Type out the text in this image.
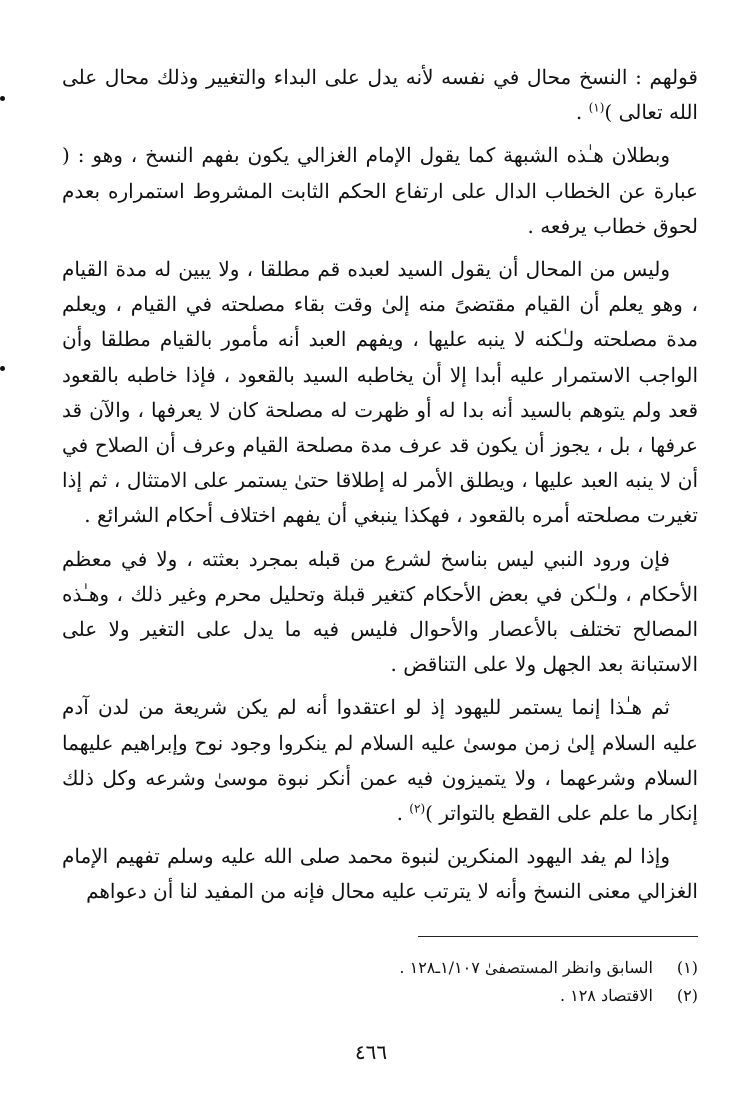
قولهم : النسخ محال في نفسه لأنه يدل على البداء والتغيير وذلك محال على الله تعالى )$^{(١)}$ .

وبطلان هـٰذه الشبهة كما يقول الإمام الغزالي يكون بفهم النسخ ، وهو : ( عبارة عن الخطاب الدال على ارتفاع الحكم الثابت المشروط استمراره بعدم لحوق خطاب يرفعه .

وليس من المحال أن يقول السيد لعبده قم مطلقا ، ولا يبين له مدة القيام ، وهو يعلم أن القيام مقتضىً منه إلىٰ وقت بقاء مصلحته في القيام ، ويعلم مدة مصلحته ولـٰكنه لا ينبه عليها ، ويفهم العبد أنه مأمور بالقيام مطلقا وأن الواجب الاستمرار عليه أبدا إلا أن يخاطبه السيد بالقعود ، فإذا خاطبه بالقعود قعد ولم يتوهم بالسيد أنه بدا له أو ظهرت له مصلحة كان لا يعرفها ، والآن قد عرفها ، بل ، يجوز أن يكون قد عرف مدة مصلحة القيام وعرف أن الصلاح في أن لا ينبه العبد عليها ، ويطلق الأمر له إطلاقا حتىٰ يستمر على الامتثال ، ثم إذا تغيرت مصلحته أمره بالقعود ، فهكذا ينبغي أن يفهم اختلاف أحكام الشرائع .

فإن ورود النبي ليس بناسخ لشرع من قبله بمجرد بعثته ، ولا في معظم الأحكام ، ولـٰكن في بعض الأحكام كتغير قبلة وتحليل محرم وغير ذلك ، وهـٰذه المصالح تختلف بالأعصار والأحوال فليس فيه ما يدل على التغير ولا على الاستبانة بعد الجهل ولا على التناقض .

ثم هـٰذا إنما يستمر لليهود إذ لو اعتقدوا أنه لم يكن شريعة من لدن آدم عليه السلام إلىٰ زمن موسىٰ عليه السلام لم ينكروا وجود نوح وإبراهيم عليهما السلام وشرعهما ، ولا يتميزون فيه عمن أنكر نبوة موسىٰ وشرعه وكل ذلك إنكار ما علم على القطع بالتواتر )$^{(٢)}$ .

وإذا لم يفد اليهود المنكرين لنبوة محمد صلى الله عليه وسلم تفهيم الإمام الغزالي معنى النسخ وأنه لا يترتب عليه محال فإنه من المفيد لنا أن دعواهم

(١) السابق وانظر المستصفىٰ ١/١٠٧ـ١٢٨ .
(٢) الاقتصاد ١٢٨ .
٤٦٦
